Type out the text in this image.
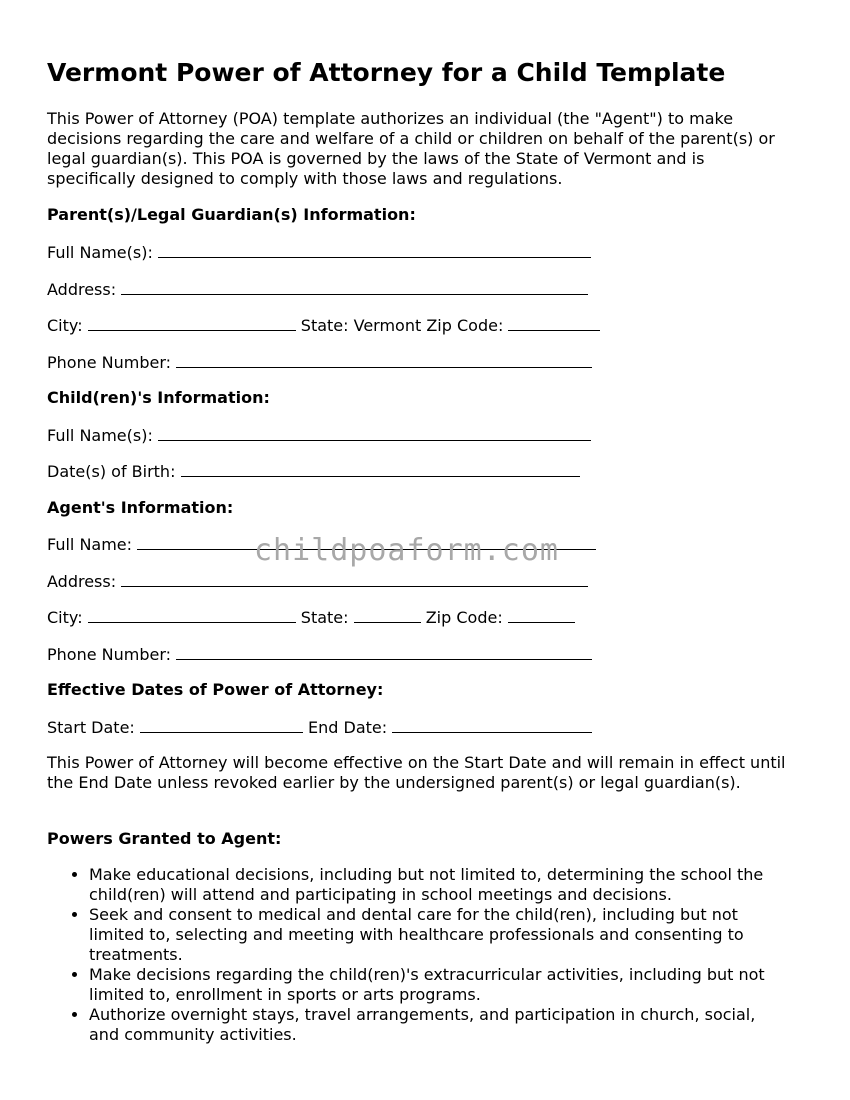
Vermont Power of Attorney for a Child Template

This Power of Attorney (POA) template authorizes an individual (the "Agent") to make decisions regarding the care and welfare of a child or children on behalf of the parent(s) or legal guardian(s). This POA is governed by the laws of the State of Vermont and is specifically designed to comply with those laws and regulations.

Parent(s)/Legal Guardian(s) Information:

Full Name(s):

Address:

City:	State: Vermont Zip Code:

Phone Number:

Child(ren)'s Information:

Full Name(s):

Date(s) of Birth:

Agent's Information:

Full Name:

Address:

City:	State:	Zip Code:

Phone Number:

Effective Dates of Power of Attorney:

Start Date:	End Date:

This Power of Attorney will become effective on the Start Date and will remain in effect until the End Date unless revoked earlier by the undersigned parent(s) or legal guardian(s).

Powers Granted to Agent:

• Make educational decisions, including but not limited to, determining the school the child(ren) will attend and participating in school meetings and decisions.
• Seek and consent to medical and dental care for the child(ren), including but not limited to, selecting and meeting with healthcare professionals and consenting to treatments.
• Make decisions regarding the child(ren)'s extracurricular activities, including but not limited to, enrollment in sports or arts programs.
• Authorize overnight stays, travel arrangements, and participation in church, social, and community activities.
childpoaform.com
